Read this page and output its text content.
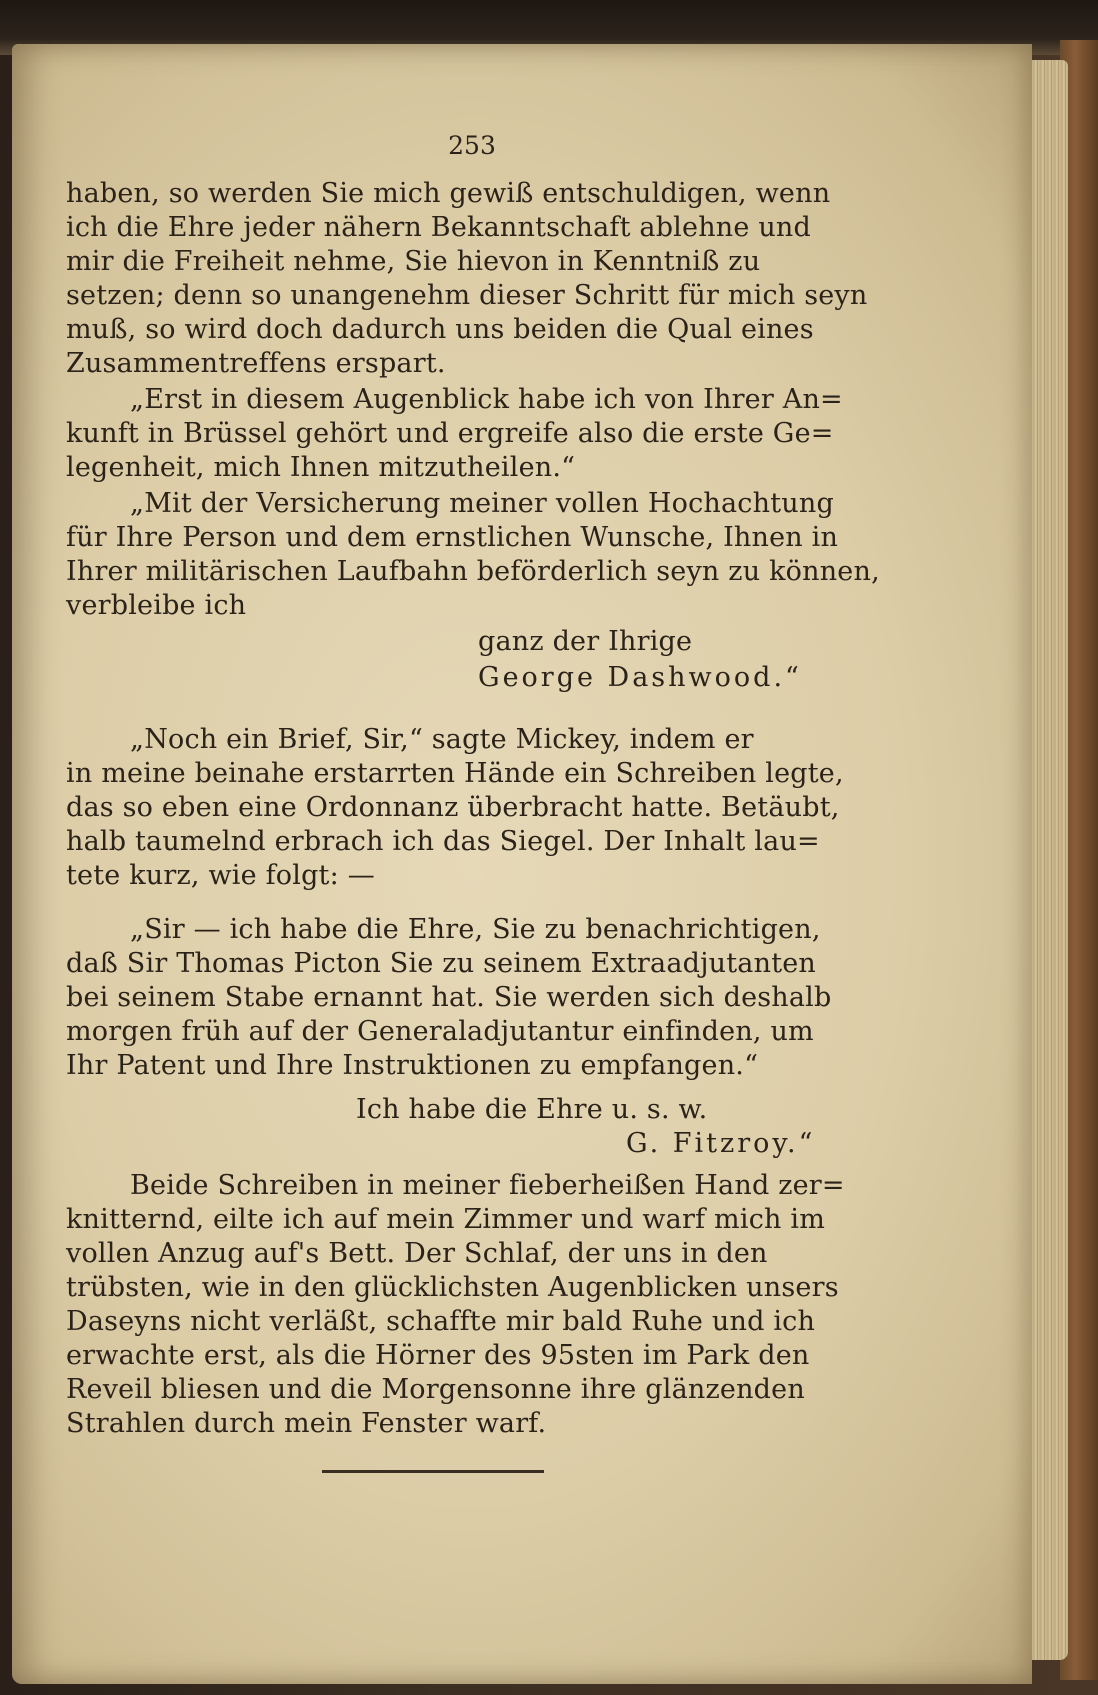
253
haben, so werden Sie mich gewiß entschuldigen, wenn
ich die Ehre jeder nähern Bekanntschaft ablehne und
mir die Freiheit nehme, Sie hievon in Kenntniß zu
setzen; denn so unangenehm dieser Schritt für mich seyn
muß, so wird doch dadurch uns beiden die Qual eines
Zusammentreffens erspart.
„Erst in diesem Augenblick habe ich von Ihrer An=
kunft in Brüssel gehört und ergreife also die erste Ge=
legenheit, mich Ihnen mitzutheilen.“
„Mit der Versicherung meiner vollen Hochachtung
für Ihre Person und dem ernstlichen Wunsche, Ihnen in
Ihrer militärischen Laufbahn beförderlich seyn zu können,
verbleibe ich
ganz der Ihrige
George Dashwood.“
„Noch ein Brief, Sir,“ sagte Mickey, indem er
in meine beinahe erstarrten Hände ein Schreiben legte,
das so eben eine Ordonnanz überbracht hatte. Betäubt,
halb taumelnd erbrach ich das Siegel. Der Inhalt lau=
tete kurz, wie folgt: —
„Sir — ich habe die Ehre, Sie zu benachrichtigen,
daß Sir Thomas Picton Sie zu seinem Extraadjutanten
bei seinem Stabe ernannt hat. Sie werden sich deshalb
morgen früh auf der Generaladjutantur einfinden, um
Ihr Patent und Ihre Instruktionen zu empfangen.“
Ich habe die Ehre u. s. w.
G. Fitzroy.“
Beide Schreiben in meiner fieberheißen Hand zer=
knitternd, eilte ich auf mein Zimmer und warf mich im
vollen Anzug auf's Bett. Der Schlaf, der uns in den
trübsten, wie in den glücklichsten Augenblicken unsers
Daseyns nicht verläßt, schaffte mir bald Ruhe und ich
erwachte erst, als die Hörner des 95sten im Park den
Reveil bliesen und die Morgensonne ihre glänzenden
Strahlen durch mein Fenster warf.
